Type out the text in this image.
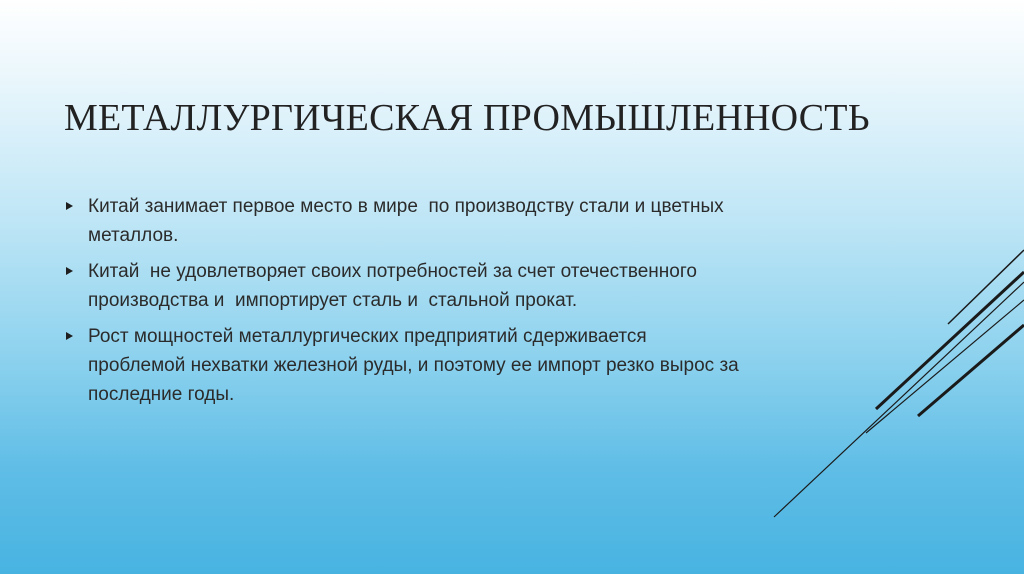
МЕТАЛЛУРГИЧЕСКАЯ ПРОМЫШЛЕННОСТЬ
Китай занимает первое место в мире  по производству стали и цветных металлов.
Китай  не удовлетворяет своих потребностей за счет отечественного производства и  импортирует сталь и  стальной прокат.
Рост мощностей металлургических предприятий сдерживается проблемой нехватки железной руды, и поэтому ее импорт резко вырос за последние годы.
